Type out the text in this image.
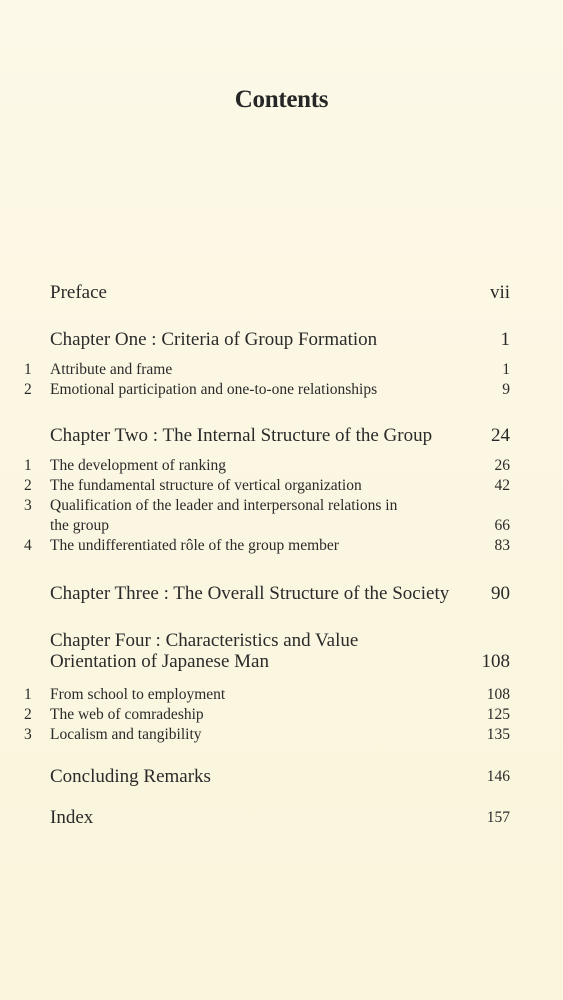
Contents
Preface	vii
Chapter One : Criteria of Group Formation	1
1 Attribute and frame	1
2 Emotional participation and one-to-one relationships	9
Chapter Two : The Internal Structure of the Group	24
1 The development of ranking	26
2 The fundamental structure of vertical organization	42
3 Qualification of the leader and interpersonal relations in
the group	66
4 The undifferentiated rôle of the group member	83
Chapter Three : The Overall Structure of the Society 90
Chapter Four : Characteristics and Value
Orientation of Japanese Man	108
1 From school to employment	108
2 The web of comradeship	125
3 Localism and tangibility	135
Concluding Remarks	146
Index	157
